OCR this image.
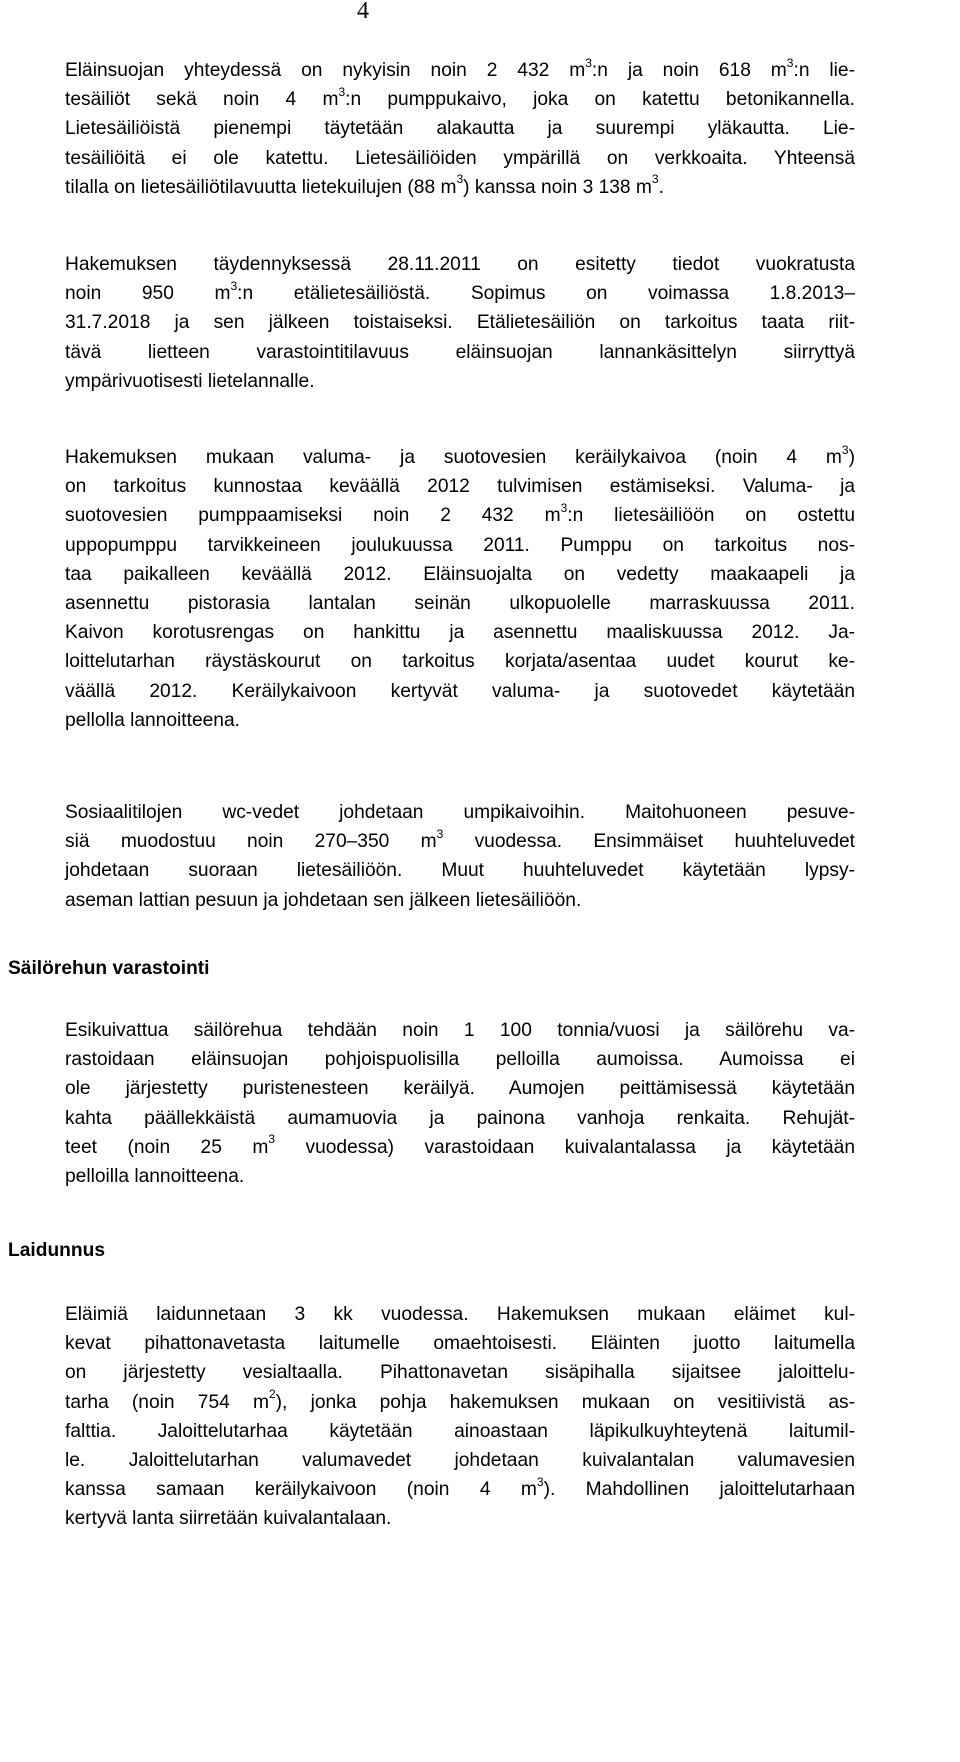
4
Eläinsuojan yhteydessä on nykyisin noin 2 432 $m^3:n$ ja noin 618 $m^3:n$ lie-
tesäiliöt sekä noin 4 $m^3:n$ pumppukaivo, joka on katettu betonikannella.
Lietesäiliöistä pienempi täytetään alakautta ja suurempi yläkautta. Lie-
tesäiliöitä ei ole katettu. Lietesäiliöiden ympärillä on verkkoaita. Yhteensä
tilalla on lietesäiliötilavuutta lietekuilujen (88 $m^3$) kanssa noin 3 138 $m^3$.
Hakemuksen täydennyksessä 28.11.2011 on esitetty tiedot vuokratusta
noin 950 $m^3:n$ etälietesäiliöstä. Sopimus on voimassa 1.8.2013–
31.7.2018 ja sen jälkeen toistaiseksi. Etälietesäiliön on tarkoitus taata riit-
tävä lietteen varastointitilavuus eläinsuojan lannankäsittelyn siirryttyä
ympärivuotisesti lietelannalle.
Hakemuksen mukaan valuma- ja suotovesien keräilykaivoa (noin 4 $m^3$)
on tarkoitus kunnostaa keväällä 2012 tulvimisen estämiseksi. Valuma- ja
suotovesien pumppaamiseksi noin 2 432 $m^3:n$ lietesäiliöön on ostettu
uppopumppu tarvikkeineen joulukuussa 2011. Pumppu on tarkoitus nos-
taa paikalleen keväällä 2012. Eläinsuojalta on vedetty maakaapeli ja
asennettu pistorasia lantalan seinän ulkopuolelle marraskuussa 2011.
Kaivon korotusrengas on hankittu ja asennettu maaliskuussa 2012. Ja-
loittelutarhan räystäskourut on tarkoitus korjata/asentaa uudet kourut ke-
väällä 2012. Keräilykaivoon kertyvät valuma- ja suotovedet käytetään
pellolla lannoitteena.
Sosiaalitilojen wc-vedet johdetaan umpikaivoihin. Maitohuoneen pesuve-
siä muodostuu noin 270–350 $m^3$ vuodessa. Ensimmäiset huuhteluvedet
johdetaan suoraan lietesäiliöön. Muut huuhteluvedet käytetään lypsy-
aseman lattian pesuun ja johdetaan sen jälkeen lietesäiliöön.
Säilörehun varastointi
Esikuivattua säilörehua tehdään noin 1 100 tonnia/vuosi ja säilörehu va-
rastoidaan eläinsuojan pohjoispuolisilla pelloilla aumoissa. Aumoissa ei
ole järjestetty puristenesteen keräilyä. Aumojen peittämisessä käytetään
kahta päällekkäistä aumamuovia ja painona vanhoja renkaita. Rehujät-
teet (noin 25 $m^3$ vuodessa) varastoidaan kuivalantalassa ja käytetään
pelloilla lannoitteena.
Laidunnus
Eläimiä laidunnetaan 3 kk vuodessa. Hakemuksen mukaan eläimet kul-
kevat pihattonavetasta laitumelle omaehtoisesti. Eläinten juotto laitumella
on järjestetty vesialtaalla. Pihattonavetan sisäpihalla sijaitsee jaloittelu-
tarha (noin 754 $m^2$), jonka pohja hakemuksen mukaan on vesitiivistä as-
falttia. Jaloittelutarhaa käytetään ainoastaan läpikulkuyhteytenä laitumil-
le. Jaloittelutarhan valumavedet johdetaan kuivalantalan valumavesien
kanssa samaan keräilykaivoon (noin 4 $m^3$). Mahdollinen jaloittelutarhaan
kertyvä lanta siirretään kuivalantalaan.
